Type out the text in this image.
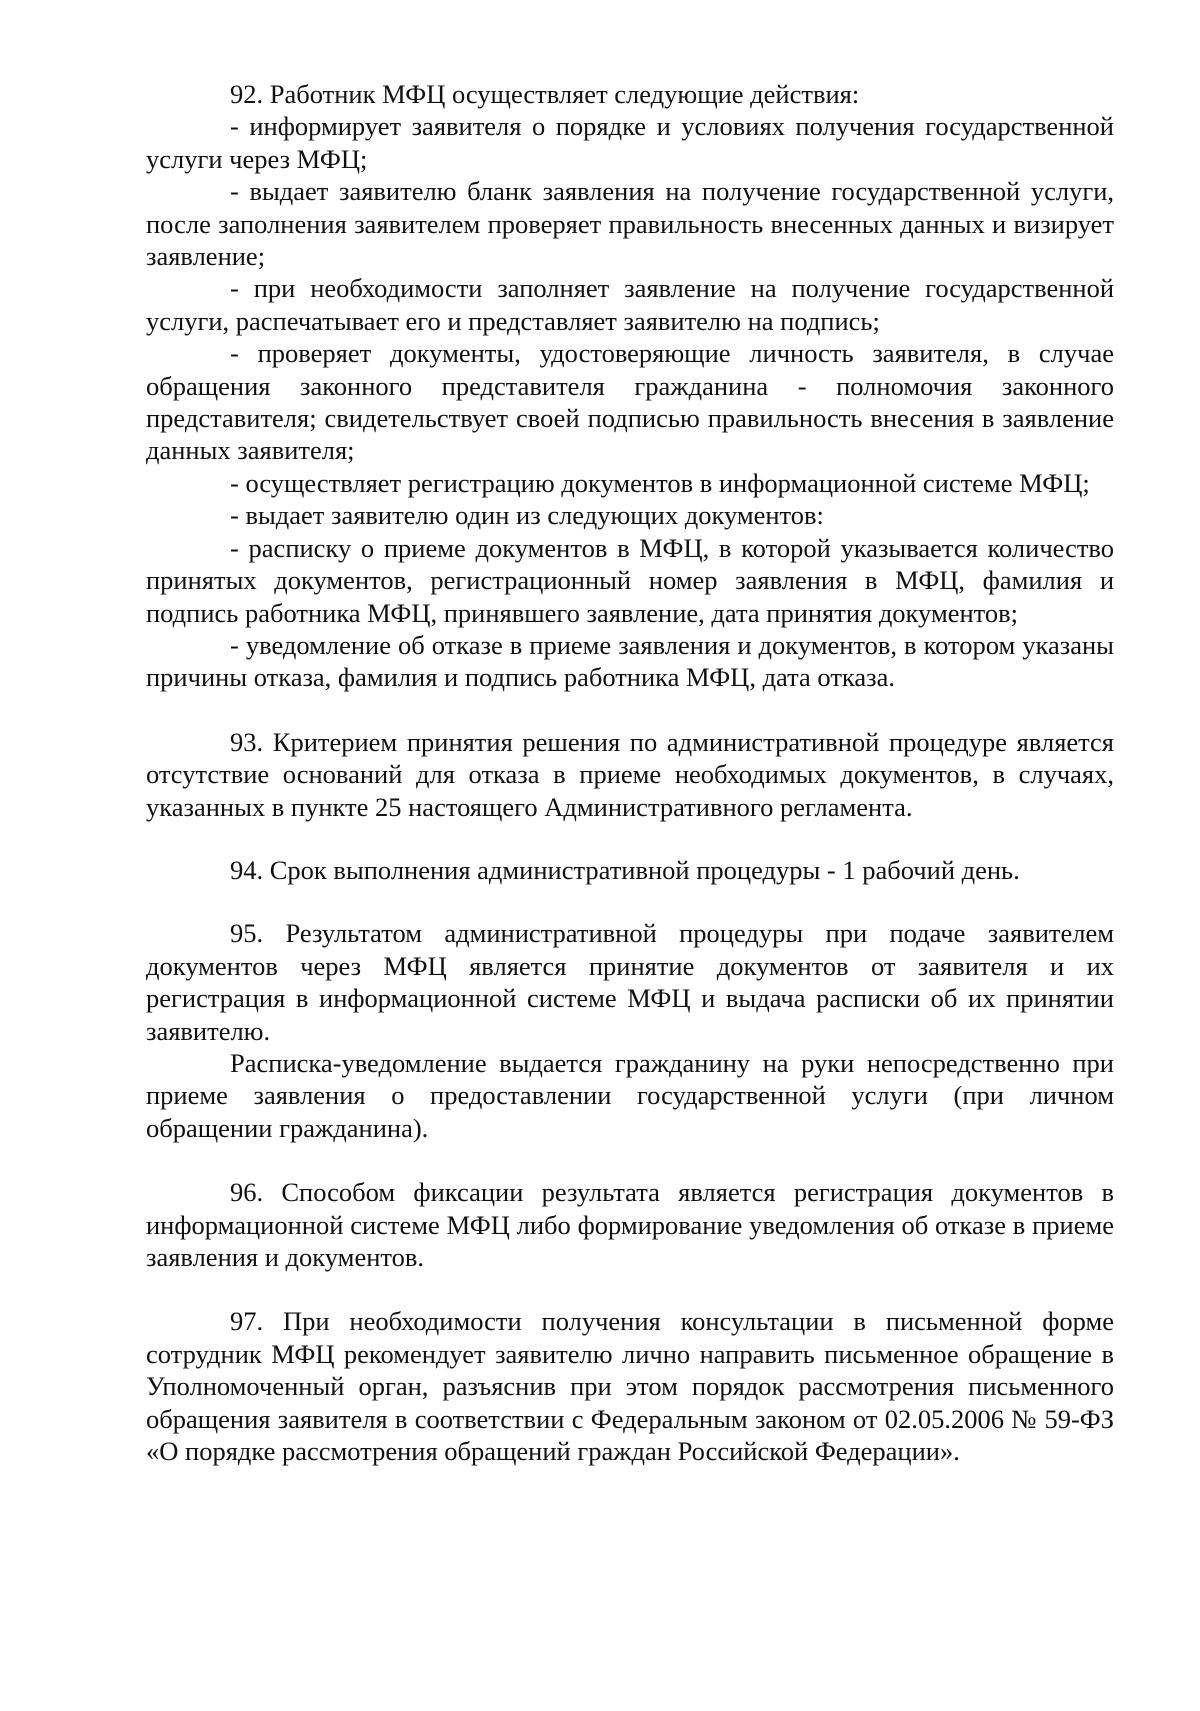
92. Работник МФЦ осуществляет следующие действия:

- информирует заявителя о порядке и условиях получения государственной услуги через МФЦ;

- выдает заявителю бланк заявления на получение государственной услуги, после заполнения заявителем проверяет правильность внесенных данных и визирует заявление;

- при необходимости заполняет заявление на получение государственной услуги, распечатывает его и представляет заявителю на подпись;

- проверяет документы, удостоверяющие личность заявителя, в случае обращения законного представителя гражданина - полномочия законного представителя; свидетельствует своей подписью правильность внесения в заявление данных заявителя;

- осуществляет регистрацию документов в информационной системе МФЦ;

- выдает заявителю один из следующих документов:

- расписку о приеме документов в МФЦ, в которой указывается количество принятых документов, регистрационный номер заявления в МФЦ, фамилия и подпись работника МФЦ, принявшего заявление, дата принятия документов;

- уведомление об отказе в приеме заявления и документов, в котором указаны причины отказа, фамилия и подпись работника МФЦ, дата отказа.

93. Критерием принятия решения по административной процедуре является отсутствие оснований для отказа в приеме необходимых документов, в случаях, указанных в пункте 25 настоящего Административного регламента.

94. Срок выполнения административной процедуры - 1 рабочий день.

95. Результатом административной процедуры при подаче заявителем документов через МФЦ является принятие документов от заявителя и их регистрация в информационной системе МФЦ и выдача расписки об их принятии заявителю.

Расписка-уведомление выдается гражданину на руки непосредственно при приеме заявления о предоставлении государственной услуги (при личном обращении гражданина).

96. Способом фиксации результата является регистрация документов в информационной системе МФЦ либо формирование уведомления об отказе в приеме заявления и документов.

97. При необходимости получения консультации в письменной форме сотрудник МФЦ рекомендует заявителю лично направить письменное обращение в Уполномоченный орган, разъяснив при этом порядок рассмотрения письменного обращения заявителя в соответствии с Федеральным законом от 02.05.2006 № 59-ФЗ «О порядке рассмотрения обращений граждан Российской Федерации».
